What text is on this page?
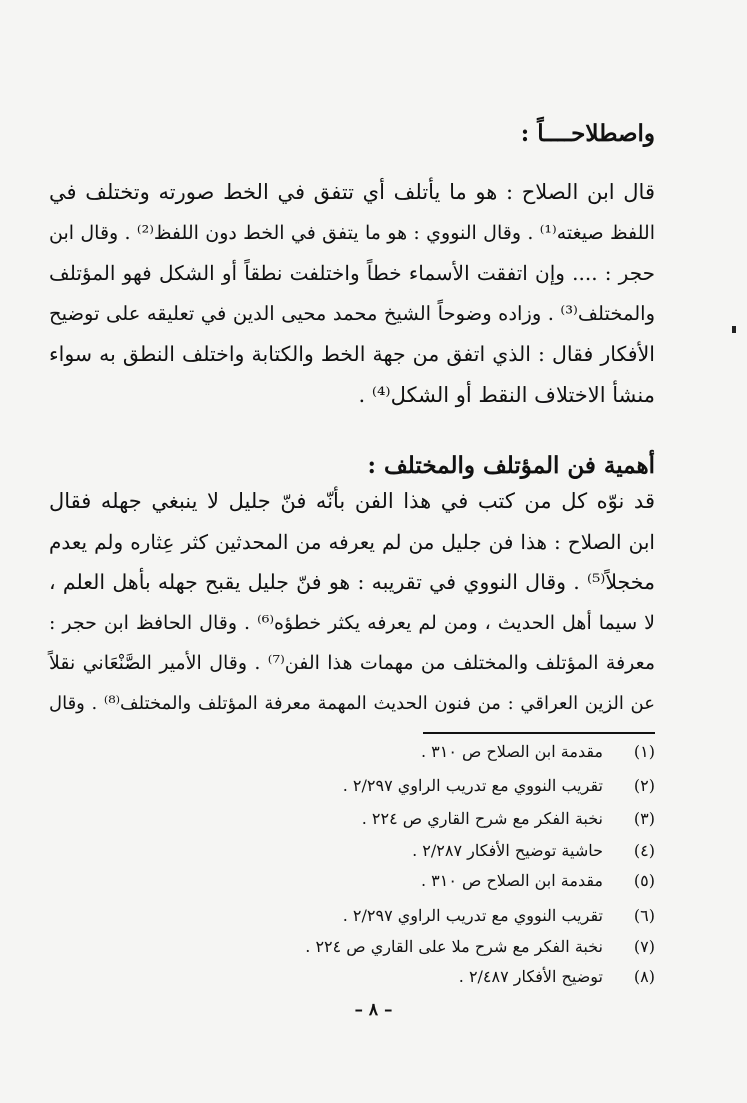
واصطلاحــــاً :
قال ابن الصلاح : هو ما يأتلف أي تتفق في الخط صورته وتختلف في
اللفظ صيغته⁽¹⁾ . وقال النووي : هو ما يتفق في الخط دون اللفظ⁽²⁾ . وقال ابن
حجر : .... وإن اتفقت الأسماء خطاً واختلفت نطقاً أو الشكل فهو المؤتلف
والمختلف⁽³⁾ . وزاده وضوحاً الشيخ محمد محيى الدين في تعليقه على توضيح
الأفكار فقال : الذي اتفق من جهة الخط والكتابة واختلف النطق به سواء
منشأ الاختلاف النقط أو الشكل⁽⁴⁾ .
أهمية فن المؤتلف والمختلف :
قد نوّه كل من كتب في هذا الفن بأنّه فنّ جليل لا ينبغي جهله فقال
ابن الصلاح : هذا فن جليل من لم يعرفه من المحدثين كثر عِثاره ولم يعدم
مخجلاً⁽⁵⁾ . وقال النووي في تقريبه : هو فنّ جليل يقبح جهله بأهل العلم ،
لا سيما أهل الحديث ، ومن لم يعرفه يكثر خطؤه⁽⁶⁾ . وقال الحافظ ابن حجر :
معرفة المؤتلف والمختلف من مهمات هذا الفن⁽⁷⁾ . وقال الأمير الصَّنْعَاني نقلاً
عن الزين العراقي : من فنون الحديث المهمة معرفة المؤتلف والمختلف⁽⁸⁾ . وقال
(١)
مقدمة ابن الصلاح ص ٣١٠ .
(٢)
تقريب النووي مع تدريب الراوي ٢/٢٩٧ .
(٣)
نخبة الفكر مع شرح القاري ص ٢٢٤ .
(٤)
حاشية توضيح الأفكار ٢/٢٨٧ .
(٥)
مقدمة ابن الصلاح ص ٣١٠ .
(٦)
تقريب النووي مع تدريب الراوي ٢/٢٩٧ .
(٧)
نخبة الفكر مع شرح ملا على القاري ص ٢٢٤ .
(٨)
توضيح الأفكار ٢/٤٨٧ .
– ٨ –
